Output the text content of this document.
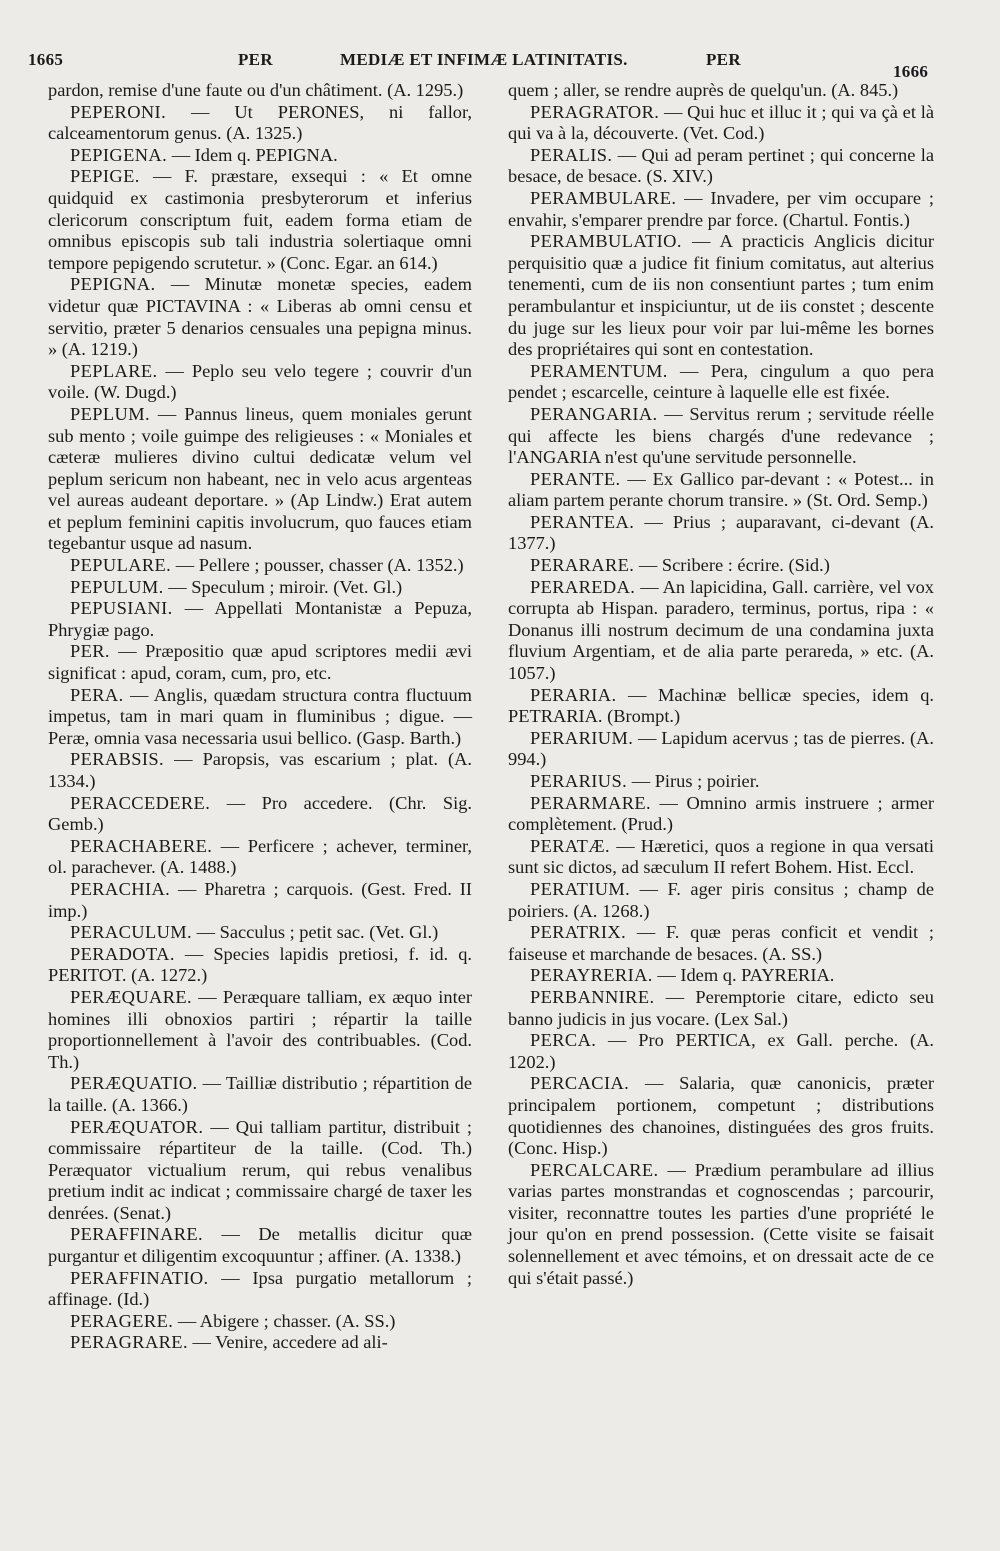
1665	PER	MEDIÆ ET INFIMÆ LATINITATIS.	PER
1666

pardon, remise d'une faute ou d'un châtiment. (A. 1295.)

PEPERONI. — Ut PERONES, ni fallor, calceamentorum genus. (A. 1325.)

PEPIGENA. — Idem q. PEPIGNA.

PEPIGE. — F. præstare, exsequi : « Et omne quidquid ex castimonia presbyterorum et inferius clericorum conscriptum fuit, eadem forma etiam de omnibus episcopis sub tali industria solertiaque omni tempore pepigendo scrutetur. » (Conc. Egar. an 614.)

PEPIGNA. — Minutæ monetæ species, eadem videtur quæ PICTAVINA : « Liberas ab omni censu et servitio, præter 5 denarios censuales una pepigna minus. » (A. 1219.)

PEPLARE. — Peplo seu velo tegere ; couvrir d'un voile. (W. Dugd.)

PEPLUM. — Pannus lineus, quem moniales gerunt sub mento ; voile guimpe des religieuses : « Moniales et cæteræ mulieres divino cultui dedicatæ velum vel peplum sericum non habeant, nec in velo acus argenteas vel aureas audeant deportare. » (Ap Lindw.) Erat autem et peplum feminini capitis involucrum, quo fauces etiam tegebantur usque ad nasum.

PEPULARE. — Pellere ; pousser, chasser (A. 1352.)

PEPULUM. — Speculum ; miroir. (Vet. Gl.)

PEPUSIANI. — Appellati Montanistæ a Pepuza, Phrygiæ pago.

PER. — Præpositio quæ apud scriptores medii ævi significat : apud, coram, cum, pro, etc.

PERA. — Anglis, quædam structura contra fluctuum impetus, tam in mari quam in fluminibus ; digue. — Peræ, omnia vasa necessaria usui bellico. (Gasp. Barth.)

PERABSIS. — Paropsis, vas escarium ; plat. (A. 1334.)

PERACCEDERE. — Pro accedere. (Chr. Sig. Gemb.)

PERACHABERE. — Perficere ; achever, terminer, ol. parachever. (A. 1488.)

PERACHIA. — Pharetra ; carquois. (Gest. Fred. II imp.)

PERACULUM. — Sacculus ; petit sac. (Vet. Gl.)

PERADOTA. — Species lapidis pretiosi, f. id. q. PERITOT. (A. 1272.)

PERÆQUARE. — Peræquare talliam, ex æquo inter homines illi obnoxios partiri ; répartir la taille proportionnellement à l'avoir des contribuables. (Cod. Th.)

PERÆQUATIO. — Tailliæ distributio ; répartition de la taille. (A. 1366.)

PERÆQUATOR. — Qui talliam partitur, distribuit ; commissaire répartiteur de la taille. (Cod. Th.) Peræquator victualium rerum, qui rebus venalibus pretium indit ac indicat ; commissaire chargé de taxer les denrées. (Senat.)

PERAFFINARE. — De metallis dicitur quæ purgantur et diligentim excoquuntur ; affiner. (A. 1338.)

PERAFFINATIO. — Ipsa purgatio metallorum ; affinage. (Id.)

PERAGERE. — Abigere ; chasser. (A. SS.)

PERAGRARE. — Venire, accedere ad ali-

quem ; aller, se rendre auprès de quelqu'un. (A. 845.)

PERAGRATOR. — Qui huc et illuc it ; qui va çà et là qui va à la, découverte. (Vet. Cod.)

PERALIS. — Qui ad peram pertinet ; qui concerne la besace, de besace. (S. XIV.)

PERAMBULARE. — Invadere, per vim occupare ; envahir, s'emparer prendre par force. (Chartul. Fontis.)

PERAMBULATIO. — A practicis Anglicis dicitur perquisitio quæ a judice fit finium comitatus, aut alterius tenementi, cum de iis non consentiunt partes ; tum enim perambulantur et inspiciuntur, ut de iis constet ; descente du juge sur les lieux pour voir par lui-même les bornes des propriétaires qui sont en contestation.

PERAMENTUM. — Pera, cingulum a quo pera pendet ; escarcelle, ceinture à laquelle elle est fixée.

PERANGARIA. — Servitus rerum ; servitude réelle qui affecte les biens chargés d'une redevance ; l'ANGARIA n'est qu'une servitude personnelle.

PERANTE. — Ex Gallico par-devant : « Potest... in aliam partem perante chorum transire. » (St. Ord. Semp.)

PERANTEA. — Prius ; auparavant, ci-devant (A. 1377.)

PERARARE. — Scribere : écrire. (Sid.)

PERAREDA. — An lapicidina, Gall. carrière, vel vox corrupta ab Hispan. paradero, terminus, portus, ripa : « Donanus illi nostrum decimum de una condamina juxta fluvium Argentiam, et de alia parte perareda, » etc. (A. 1057.)

PERARIA. — Machinæ bellicæ species, idem q. PETRARIA. (Brompt.)

PERARIUM. — Lapidum acervus ; tas de pierres. (A. 994.)

PERARIUS. — Pirus ; poirier.

PERARMARE. — Omnino armis instruere ; armer complètement. (Prud.)

PERATÆ. — Hæretici, quos a regione in qua versati sunt sic dictos, ad sæculum II refert Bohem. Hist. Eccl.

PERATIUM. — F. ager piris consitus ; champ de poiriers. (A. 1268.)

PERATRIX. — F. quæ peras conficit et vendit ; faiseuse et marchande de besaces. (A. SS.)

PERAYRERIA. — Idem q. PAYRERIA.

PERBANNIRE. — Peremptorie citare, edicto seu banno judicis in jus vocare. (Lex Sal.)

PERCA. — Pro PERTICA, ex Gall. perche. (A. 1202.)

PERCACIA. — Salaria, quæ canonicis, præter principalem portionem, competunt ; distributions quotidiennes des chanoines, distinguées des gros fruits. (Conc. Hisp.)

PERCALCARE. — Prædium perambulare ad illius varias partes monstrandas et cognoscendas ; parcourir, visiter, reconnattre toutes les parties d'une propriété le jour qu'on en prend possession. (Cette visite se faisait solennellement et avec témoins, et on dressait acte de ce qui s'était passé.)
